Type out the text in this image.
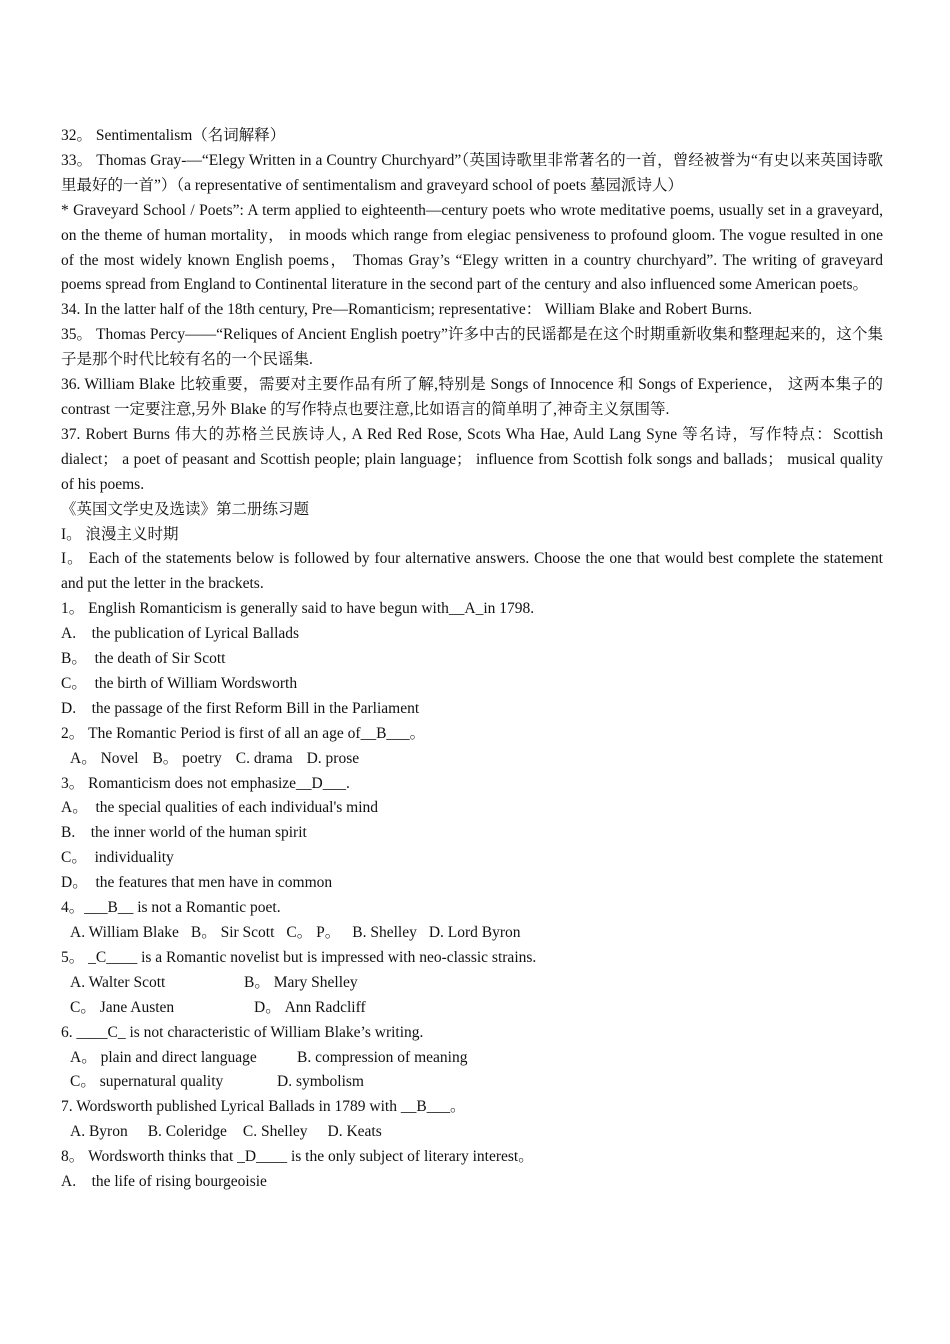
32。 Sentimentalism（名词解释）

33。 Thomas Gray-—“Elegy Written in a Country Churchyard”（英国诗歌里非常著名的一首，曾经被誉为“有史以来英国诗歌里最好的一首”）（a representative of sentimentalism and graveyard school of poets 墓园派诗人）

* Graveyard School / Poets”: A term applied to eighteenth—century poets who wrote meditative poems, usually set in a graveyard, on the theme of human mortality， in moods which range from elegiac pensiveness to profound gloom. The vogue resulted in one of the most widely known English poems， Thomas Gray’s “Elegy written in a country churchyard”. The writing of graveyard poems spread from England to Continental literature in the second part of the century and also influenced some American poets。

34. In the latter half of the 18th century, Pre—Romanticism; representative： William Blake and Robert Burns.

35。 Thomas Percy——“Reliques of Ancient English poetry”许多中古的民谣都是在这个时期重新收集和整理起来的，这个集子是那个时代比较有名的一个民谣集.

36. William Blake 比较重要，需要对主要作品有所了解,特别是 Songs of Innocence 和 Songs of Experience， 这两本集子的 contrast 一定要注意,另外 Blake 的写作特点也要注意,比如语言的简单明了,神奇主义氛围等.

37. Robert Burns 伟大的苏格兰民族诗人, A Red Red Rose, Scots Wha Hae, Auld Lang Syne 等名诗，写作特点：Scottish dialect； a poet of peasant and Scottish people; plain language； influence from Scottish folk songs and ballads； musical quality of his poems.

《英国文学史及选读》第二册练习题

I。 浪漫主义时期

I。 Each of the statements below is followed by four alternative answers. Choose the one that would best complete the statement and put the letter in the brackets.

1。 English Romanticism is generally said to have begun with__A_in 1798.

A.    the publication of Lyrical Ballads

B。  the death of Sir Scott

C。  the birth of William Wordsworth

D.    the passage of the first Reform Bill in the Parliament

2。 The Romantic Period is first of all an age of__B___。

A。 Novel B。 poetry C. drama D. prose

3。 Romanticism does not emphasize__D___.

A。  the special qualities of each individual's mind

B.    the inner world of the human spirit

C。  individuality

D。  the features that men have in common

4。___B__ is not a Romantic poet.

A. William Blake B。 Sir Scott C。 P。 B. Shelley D. Lord Byron

5。 _C____ is a Romantic novelist but is impressed with neo-classic strains.

A. Walter Scott	B。 Mary Shelley

C。 Jane Austen	D。 Ann Radcliff

6. ____C_ is not characteristic of William Blake’s writing.

A。 plain and direct language	B. compression of meaning

C。 supernatural quality	D. symbolism

7. Wordsworth published Lyrical Ballads in 1789 with __B___。

A. Byron B. Coleridge C. Shelley D. Keats

8。 Wordsworth thinks that _D____ is the only subject of literary interest。

A.    the life of rising bourgeoisie
